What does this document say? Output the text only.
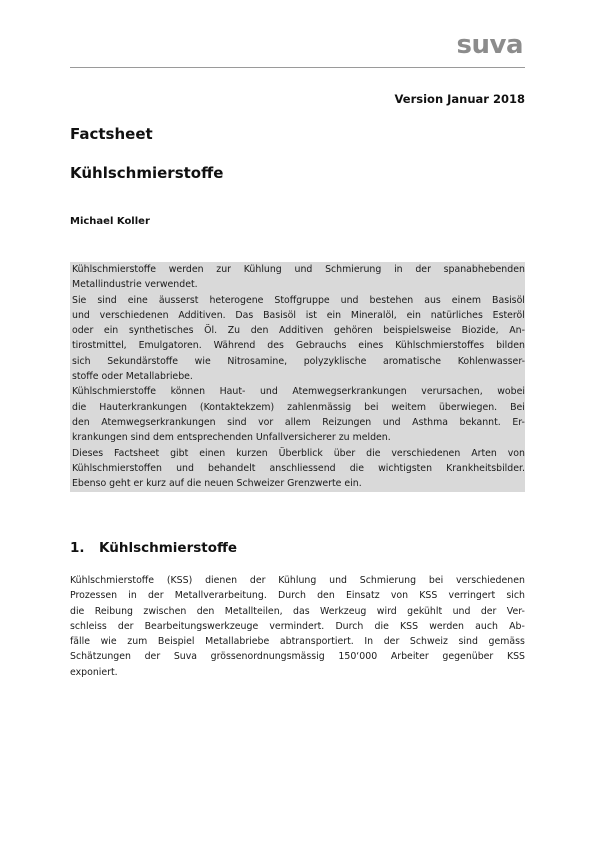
suva
Version Januar 2018
Factsheet
Kühlschmierstoffe
Michael Koller
Kühlschmierstoffe werden zur Kühlung und Schmierung in der spanabhebenden
Metallindustrie verwendet.
Sie sind eine äusserst heterogene Stoffgruppe und bestehen aus einem Basisöl
und verschiedenen Additiven. Das Basisöl ist ein Mineralöl, ein natürliches Esteröl
oder ein synthetisches Öl. Zu den Additiven gehören beispielsweise Biozide, An-
tirostmittel, Emulgatoren. Während des Gebrauchs eines Kühlschmierstoffes bilden
sich Sekundärstoffe wie Nitrosamine, polyzyklische aromatische Kohlenwasser-
stoffe oder Metallabriebe.
Kühlschmierstoffe können Haut- und Atemwegserkrankungen verursachen, wobei
die Hauterkrankungen (Kontaktekzem) zahlenmässig bei weitem überwiegen. Bei
den Atemwegserkrankungen sind vor allem Reizungen und Asthma bekannt. Er-
krankungen sind dem entsprechenden Unfallversicherer zu melden.
Dieses Factsheet gibt einen kurzen Überblick über die verschiedenen Arten von
Kühlschmierstoffen und behandelt anschliessend die wichtigsten Krankheitsbilder.
Ebenso geht er kurz auf die neuen Schweizer Grenzwerte ein.
1. Kühlschmierstoffe
Kühlschmierstoffe (KSS) dienen der Kühlung und Schmierung bei verschiedenen
Prozessen in der Metallverarbeitung. Durch den Einsatz von KSS verringert sich
die Reibung zwischen den Metallteilen, das Werkzeug wird gekühlt und der Ver-
schleiss der Bearbeitungswerkzeuge vermindert. Durch die KSS werden auch Ab-
fälle wie zum Beispiel Metallabriebe abtransportiert. In der Schweiz sind gemäss
Schätzungen der Suva grössenordnungsmässig 150‘000 Arbeiter gegenüber KSS
exponiert.
